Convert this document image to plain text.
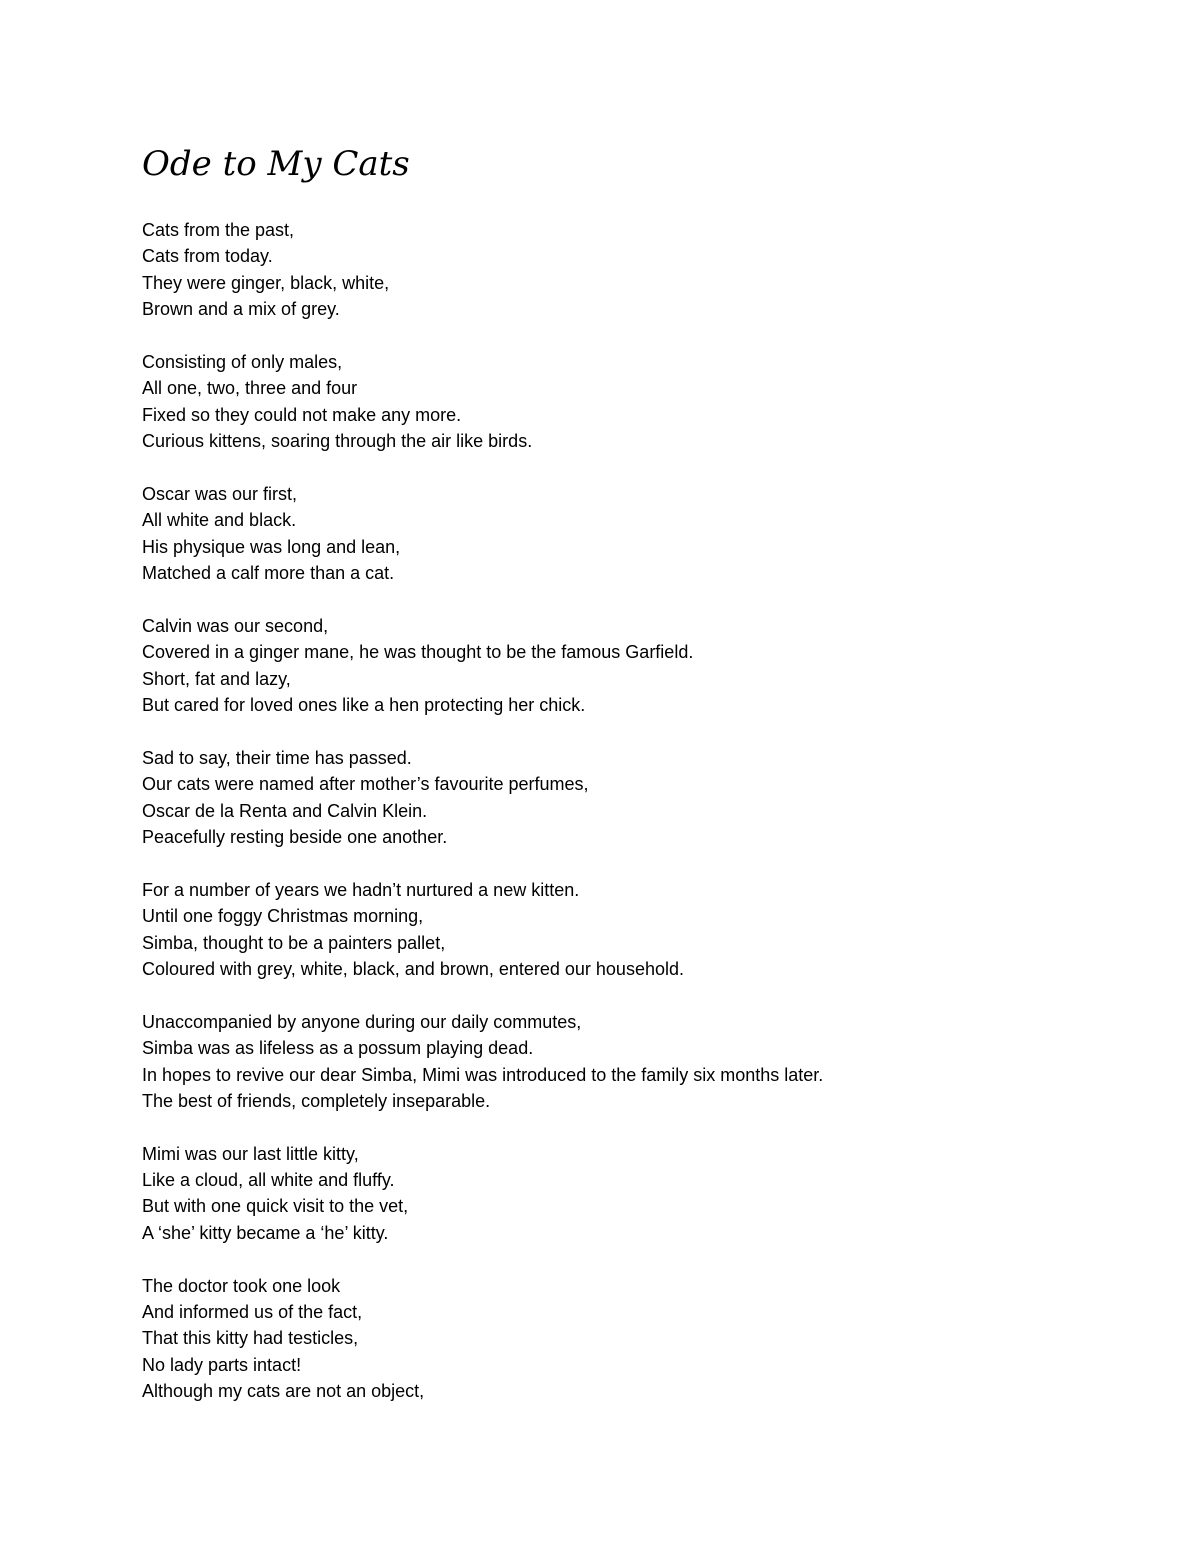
Ode to My Cats
Cats from the past,
Cats from today.
They were ginger, black, white,
Brown and a mix of grey.
Consisting of only males,
All one, two, three and four
Fixed so they could not make any more.
Curious kittens, soaring through the air like birds.
Oscar was our first,
All white and black.
His physique was long and lean,
Matched a calf more than a cat.
Calvin was our second,
Covered in a ginger mane, he was thought to be the famous Garfield.
Short, fat and lazy,
But cared for loved ones like a hen protecting her chick.
Sad to say, their time has passed.
Our cats were named after mother’s favourite perfumes,
Oscar de la Renta and Calvin Klein.
Peacefully resting beside one another.
For a number of years we hadn’t nurtured a new kitten.
Until one foggy Christmas morning,
Simba, thought to be a painters pallet,
Coloured with grey, white, black, and brown, entered our household.
Unaccompanied by anyone during our daily commutes,
Simba was as lifeless as a possum playing dead.
In hopes to revive our dear Simba, Mimi was introduced to the family six months later.
The best of friends, completely inseparable.
Mimi was our last little kitty,
Like a cloud, all white and fluffy.
But with one quick visit to the vet,
A ‘she’ kitty became a ‘he’ kitty.
The doctor took one look
And informed us of the fact,
That this kitty had testicles,
No lady parts intact!
Although my cats are not an object,
